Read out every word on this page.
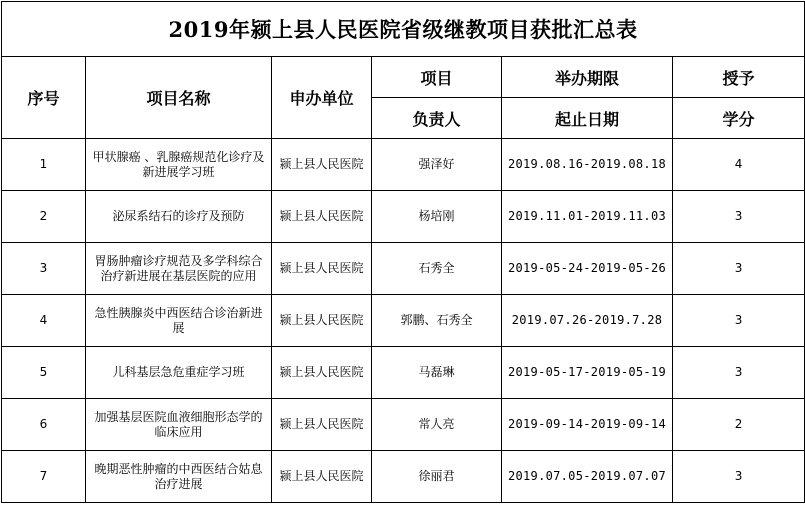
2019年颍上县人民医院省级继教项目获批汇总表					
序号	项目名称	申办单位	项目	举办期限	授予
			负责人	起止日期	学分
1	甲状腺癌 、乳腺癌规范化诊疗及新进展学习班	颍上县人民医院	强泽好	2019.08.16-2019.08.18	4
2	泌尿系结石的诊疗及预防	颍上县人民医院	杨培刚	2019.11.01-2019.11.03	3
3	胃肠肿瘤诊疗规范及多学科综合治疗新进展在基层医院的应用	颍上县人民医院	石秀全	2019-05-24-2019-05-26	3
4	急性胰腺炎中西医结合诊治新进展	颍上县人民医院	郭鹏、石秀全	2019.07.26-2019.7.28	3
5	儿科基层急危重症学习班	颍上县人民医院	马磊琳	2019-05-17-2019-05-19	3
6	加强基层医院血液细胞形态学的临床应用	颍上县人民医院	常人亮	2019-09-14-2019-09-14	2
7	晚期恶性肿瘤的中西医结合姑息治疗进展	颍上县人民医院	徐丽君	2019.07.05-2019.07.07	3
